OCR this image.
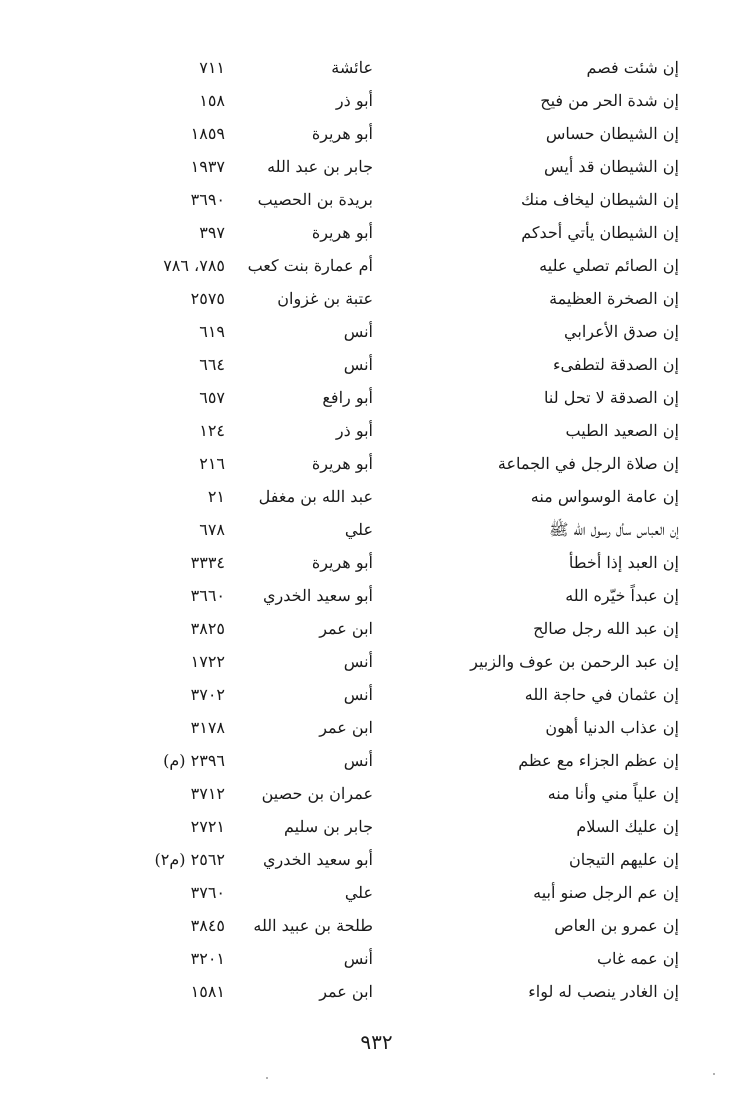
إن شئت فصم
عائشة
٧١١
إن شدة الحر من فيح
أبو ذر
١٥٨
إن الشيطان حساس
أبو هريرة
١٨٥٩
إن الشيطان قد أيس
جابر بن عبد الله
١٩٣٧
إن الشيطان ليخاف منك
بريدة بن الحصيب
٣٦٩٠
إن الشيطان يأتي أحدكم
أبو هريرة
٣٩٧
إن الصائم تصلي عليه
أم عمارة بنت كعب
٧٨٥، ٧٨٦
إن الصخرة العظيمة
عتبة بن غزوان
٢٥٧٥
إن صدق الأعرابي
أنس
٦١٩
إن الصدقة لتطفىء
أنس
٦٦٤
إن الصدقة لا تحل لنا
أبو رافع
٦٥٧
إن الصعيد الطيب
أبو ذر
١٢٤
إن صلاة الرجل في الجماعة
أبو هريرة
٢١٦
إن عامة الوسواس منه
عبد الله بن مغفل
٢١
إن العباس سأل رسول الله ﷺ
علي
٦٧٨
إن العبد إذا أخطأ
أبو هريرة
٣٣٣٤
إن عبداً خيّره الله
أبو سعيد الخدري
٣٦٦٠
إن عبد الله رجل صالح
ابن عمر
٣٨٢٥
إن عبد الرحمن بن عوف والزبير
أنس
١٧٢٢
إن عثمان في حاجة الله
أنس
٣٧٠٢
إن عذاب الدنيا أهون
ابن عمر
٣١٧٨
إن عظم الجزاء مع عظم
أنس
٢٣٩٦ (م)
إن علياً مني وأنا منه
عمران بن حصين
٣٧١٢
إن عليك السلام
جابر بن سليم
٢٧٢١
إن عليهم التيجان
أبو سعيد الخدري
٢٥٦٢ (م٢)
إن عم الرجل صنو أبيه
علي
٣٧٦٠
إن عمرو بن العاص
طلحة بن عبيد الله
٣٨٤٥
إن عمه غاب
أنس
٣٢٠١
إن الغادر ينصب له لواء
ابن عمر
١٥٨١
٩٣٢
